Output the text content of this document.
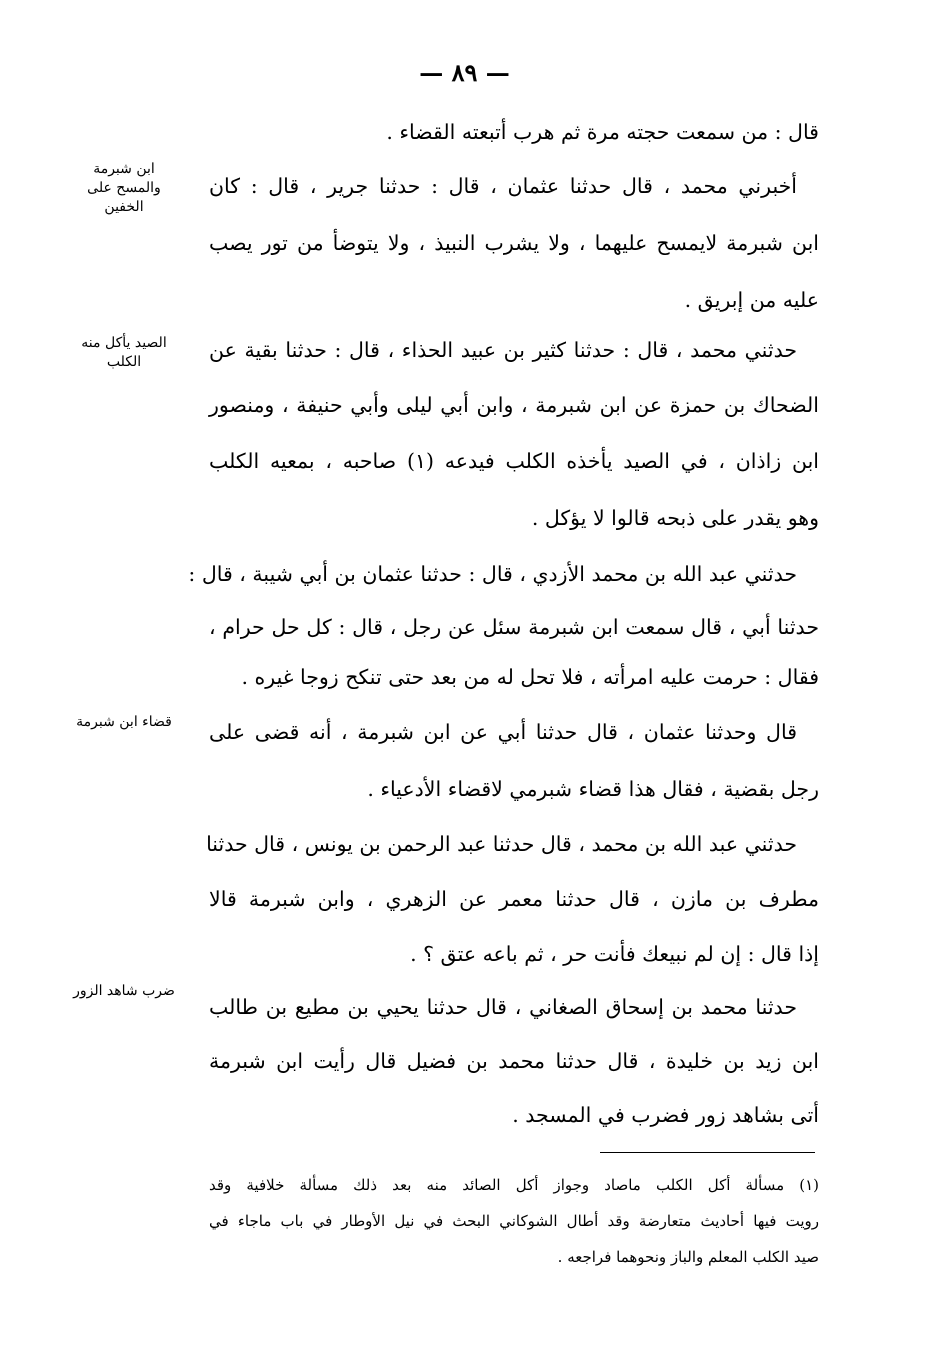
— ٨٩ —
قال : من سمعت حجته مرة ثم هرب أتبعته القضاء .
أخبرني محمد ، قال حدثنا عثمان ، قال : حدثنا جرير ، قال : كان
ابن شبرمة لايمسح عليهما ، ولا يشرب النبيذ ، ولا يتوضأ من تور يصب
عليه من إبريق .
حدثني محمد ، قال : حدثنا كثير بن عبيد الحذاء ، قال : حدثنا بقية عن
الضحاك بن حمزة عن ابن شبرمة ، وابن أبي ليلى وأبي حنيفة ، ومنصور
ابن زاذان ، في الصيد يأخذه الكلب فيدعه (١) صاحبه ، بمعيه الكلب
وهو يقدر على ذبحه قالوا لا يؤكل .
حدثني عبد الله بن محمد الأزدي ، قال : حدثنا عثمان بن أبي شيبة ، قال :
حدثنا أبي ، قال سمعت ابن شبرمة سئل عن رجل ، قال : كل حل حرام ،
فقال : حرمت عليه امرأته ، فلا تحل له من بعد حتى تنكح زوجا غيره .
قال وحدثنا عثمان ، قال حدثنا أبي عن ابن شبرمة ، أنه قضى على
رجل بقضية ، فقال هذا قضاء شبرمي لاقضاء الأدعياء .
حدثني عبد الله بن محمد ، قال حدثنا عبد الرحمن بن يونس ، قال حدثنا
مطرف بن مازن ، قال حدثنا معمر عن الزهري ، وابن شبرمة قالا
إذا قال : إن لم نبيعك فأنت حر ، ثم باعه عتق ؟ .
حدثنا محمد بن إسحاق الصغاني ، قال حدثنا يحيي بن مطيع بن طالب
ابن زيد بن خليدة ، قال حدثنا محمد بن فضيل قال رأيت ابن شبرمة
أتى بشاهد زور فضرب في المسجد .
ابن شبرمة والمسح على الخفين
الصيد يأكل منه الكلب
قضاء ابن شبرمة
ضرب شاهد الزور
(١) مسألة أكل الكلب ماصاد وجواز أكل الصائد منه بعد ذلك مسألة خلافية وقد
رويت فيها أحاديث متعارضة وقد أطال الشوكاني البحث في نيل الأوطار في باب ماجاء في
صيد الكلب المعلم والباز ونحوهما فراجعه .
